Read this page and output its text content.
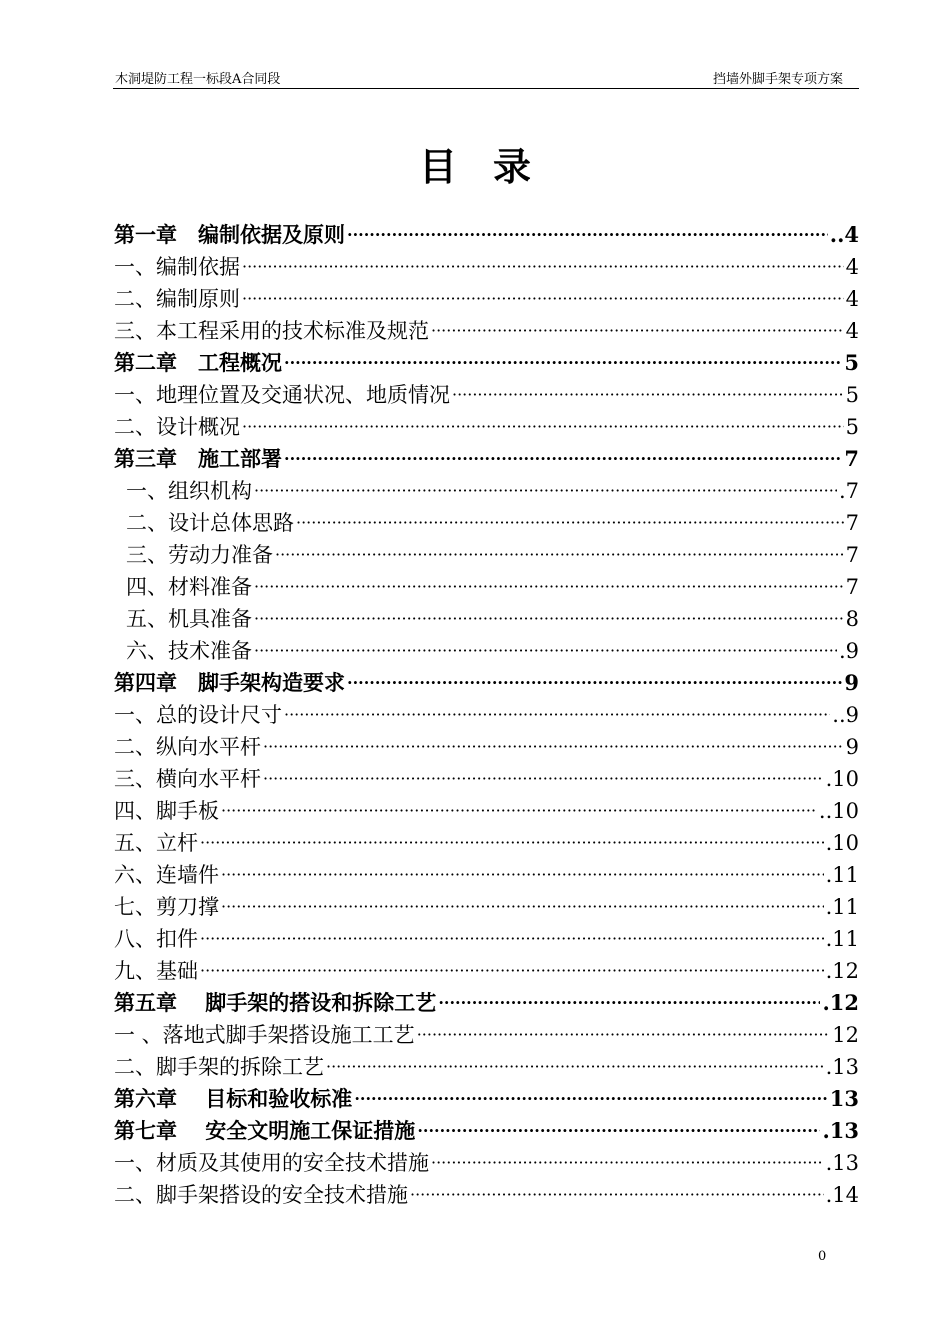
木洞堤防工程一标段A合同段	挡墙外脚手架专项方案
目录
第一章　编制依据及原则 ·····	..4
一、编制依据 ·····	4
二、编制原则 ·····	4
三、本工程采用的技术标准及规范 ·····	4
第二章　工程概况 ·····	5
一、地理位置及交通状况、地质情况 ·····	5
二、设计概况 ·····	5
第三章　施工部署 ·····	7
一、组织机构 ·····	.7
二、设计总体思路 ·····	7
三、劳动力准备 ·····	7
四、材料准备 ·····	7
五、机具准备 ·····	8
六、技术准备 ·····	.9
第四章　脚手架构造要求 ·····	9
一、总的设计尺寸 ·····	..9
二、纵向水平杆 ·····	9
三、横向水平杆 ·····	.10
四、脚手板 ·····	..10
五、立杆 ·····	.10
六、连墙件 ·····	.11
七、剪刀撑 ·····	.11
八、扣件 ·····	.11
九、基础 ·····	.12
第五章　 脚手架的搭设和拆除工艺 ·····	.12
一 、落地式脚手架搭设施工工艺 ·····	12
二、脚手架的拆除工艺 ·····	.13
第六章　 目标和验收标准 ·····	13
第七章　 安全文明施工保证措施 ·····	.13
一、材质及其使用的安全技术措施 ·····	.13
二、脚手架搭设的安全技术措施 ·····	.14
0
